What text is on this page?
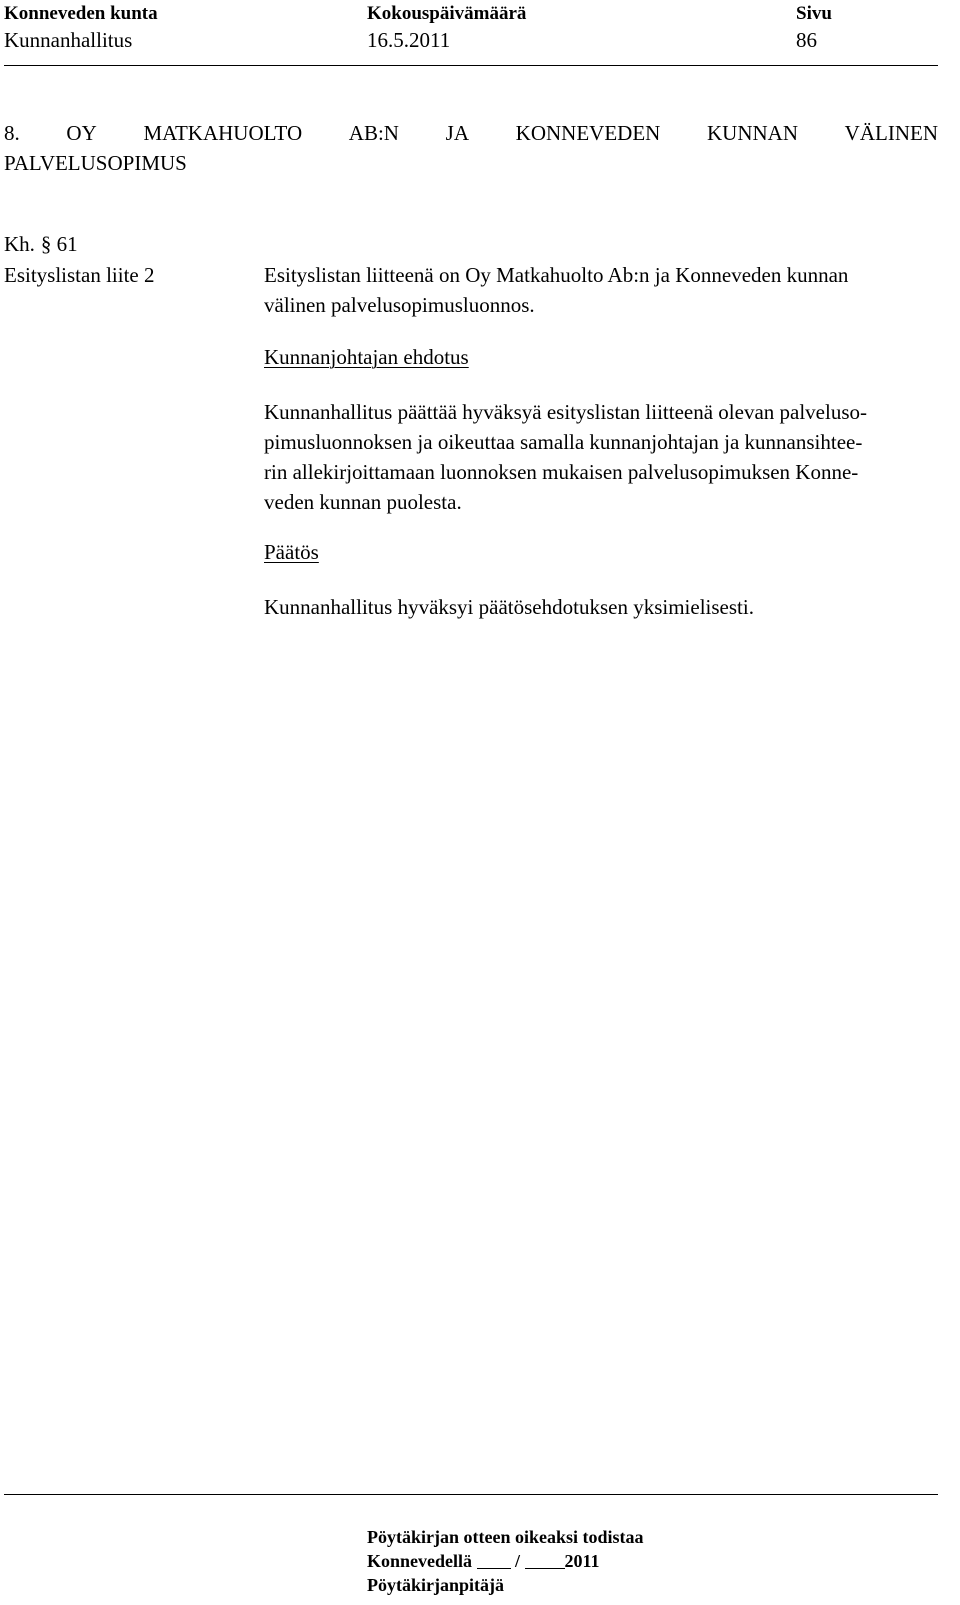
Konneveden kunta
Kunnanhallitus
Kokouspäivämäärä
16.5.2011
Sivu
86
8. OY MATKAHUOLTO AB:N JA KONNEVEDEN KUNNAN VÄLINEN
PALVELUSOPIMUS
Kh. § 61
Esityslistan liite 2	Esityslistan liitteenä on Oy Matkahuolto Ab:n ja Konneveden kunnan
välinen palvelusopimusluonnos.
Kunnanjohtajan ehdotus
Kunnanhallitus päättää hyväksyä esityslistan liitteenä olevan palveluso-
pimusluonnoksen ja oikeuttaa samalla kunnanjohtajan ja kunnansihtee-
rin allekirjoittamaan luonnoksen mukaisen palvelusopimuksen Konne-
veden kunnan puolesta.
Päätös
Kunnanhallitus hyväksyi päätösehdotuksen yksimielisesti.
Pöytäkirjan otteen oikeaksi todistaa
Konnevedellä / 2011
Pöytäkirjanpitäjä
